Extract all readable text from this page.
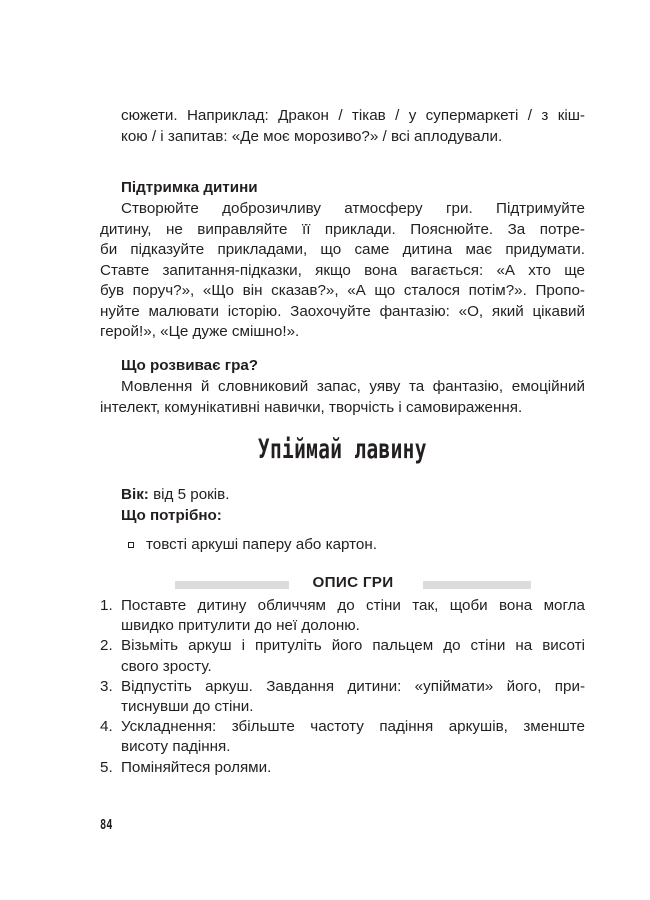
сюжети. Наприклад: Дракон / тікав / у супермаркеті / з кіш-
кою / і запитав: «Де моє морозиво?» / всі аплодували.

Підтримка дитини

Створюйте доброзичливу атмосферу гри. Підтримуйте
дитину, не виправляйте її приклади. Пояснюйте. За потре-
би підказуйте прикладами, що саме дитина має придумати.
Ставте запитання-підказки, якщо вона вагається: «А хто ще
був поруч?», «Що він сказав?», «А що сталося потім?». Пропо-
нуйте малювати історію. Заохочуйте фантазію: «О, який цікавий
герой!», «Це дуже смішно!».

Що розвиває гра?

Мовлення й словниковий запас, уяву та фантазію, емоційний
інтелект, комунікативні навички, творчість і самовираження.

Упіймай лавину

Вік: від 5 років.

Що потрібно:

товсті аркуші паперу або картон.
ОПИС ГРИ
1. Поставте дитину обличчям до стіни так, щоби вона могла
швидко притулити до неї долоню.
2. Візьміть аркуш і притуліть його пальцем до стіни на висоті
свого зросту.
3. Відпустіть аркуш. Завдання дитини: «упіймати» його, при-
тиснувши до стіни.
4. Ускладнення: збільште частоту падіння аркушів, зменште
висоту падіння.
5. Поміняйтеся ролями.
84
